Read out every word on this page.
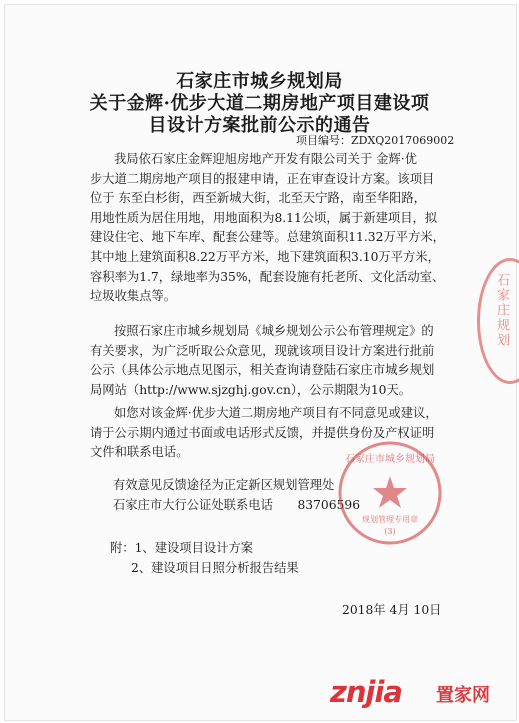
石家庄市城乡规划局
关于金辉·优步大道二期房地产项目建设项
目设计方案批前公示的通告
项目编号：ZDXQ2017069002
我局依石家庄金辉迎旭房地产开发有限公司关于 金辉·优
步大道二期房地产项目的报建申请，正在审查设计方案。该项目
位于 东至白杉街，西至新城大街，北至天宁路，南至华阳路，
用地性质为居住用地，用地面积为8.11公顷，属于新建项目，拟
建设住宅、地下车库、配套公建等。总建筑面积11.32万平方米，
其中地上建筑面积8.22万平方米，地下建筑面积3.10万平方米，
容积率为1.7，绿地率为35%，配套设施有托老所、文化活动室、
垃圾收集点等。
按照石家庄市城乡规划局《城乡规划公示公布管理规定》的
有关要求，为广泛听取公众意见，现就该项目设计方案进行批前
公示（具体公示地点见图示，相关查询请登陆石家庄市城乡规划
局网站（http://www.sjzghj.gov.cn），公示期限为10天。
如您对该金辉·优步大道二期房地产项目有不同意见或建议，
请于公示期内通过书面或电话形式反馈，并提供身份及产权证明
文件和联系电话。
有效意见反馈途径为正定新区规划管理处
石家庄市大行公证处联系电话　　83706596
附：1、建设项目设计方案
2、建设项目日照分析报告结果
2018年 4月 10日
石家庄规划
规划管理专用章
(3)
石家庄市城乡规划局
znjia 置家网
